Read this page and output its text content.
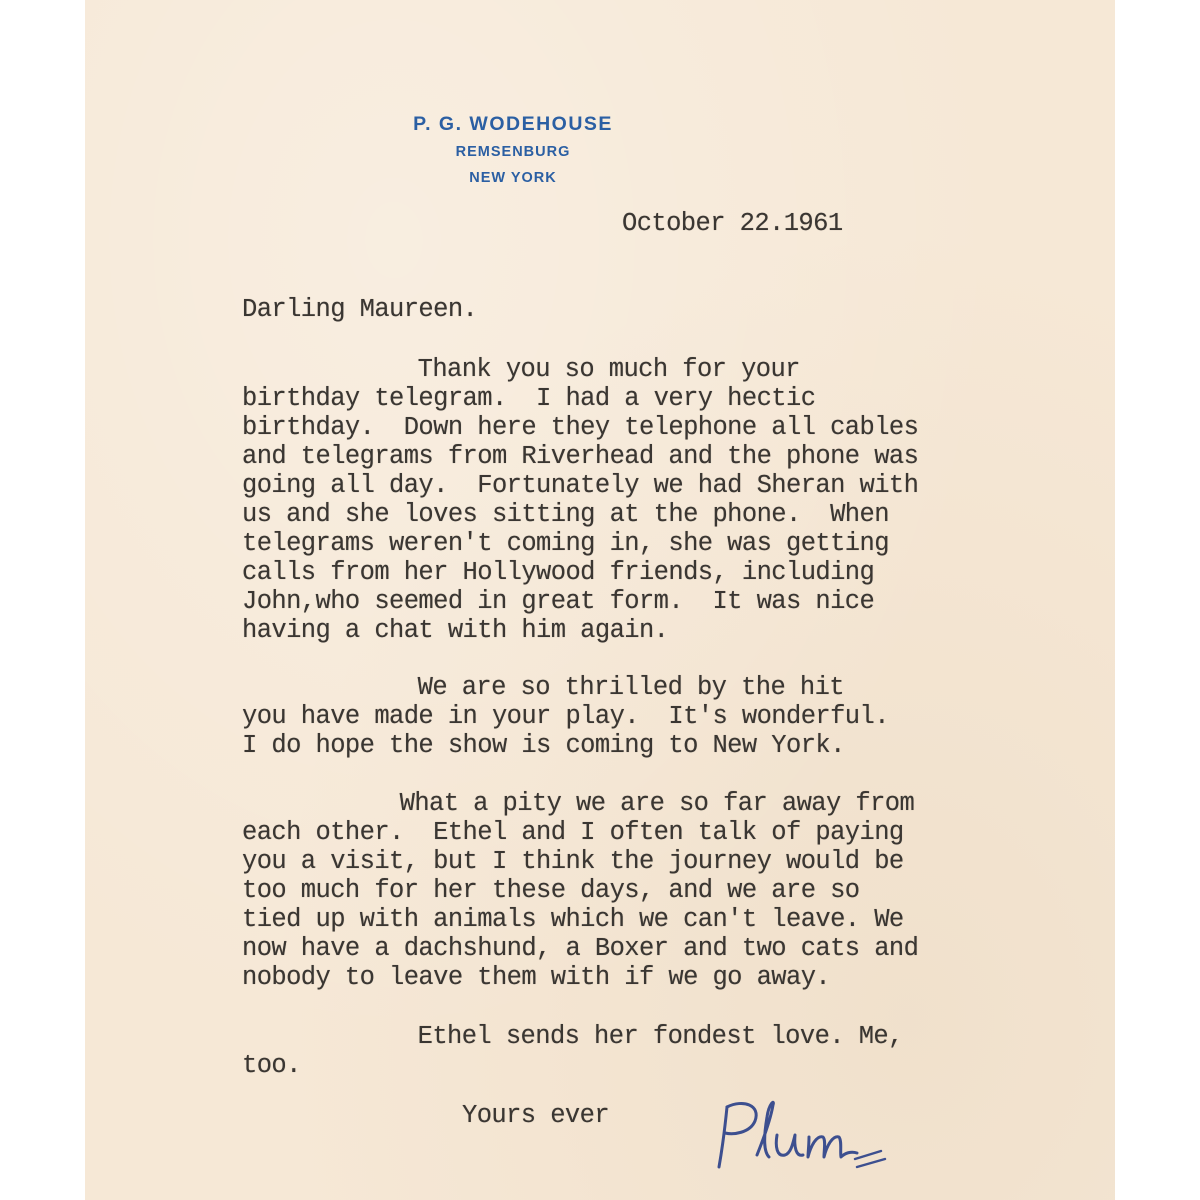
P. G. WODEHOUSE
REMSENBURG
NEW YORK
October 22.1961
Darling Maureen.
Thank you so much for your
birthday telegram.  I had a very hectic
birthday.  Down here they telephone all cables
and telegrams from Riverhead and the phone was
going all day.  Fortunately we had Sheran with
us and she loves sitting at the phone.  When
telegrams weren't coming in, she was getting
calls from her Hollywood friends, including
John,who seemed in great form.  It was nice
having a chat with him again.
We are so thrilled by the hit
you have made in your play.  It's wonderful.
I do hope the show is coming to New York.
What a pity we are so far away from
each other.  Ethel and I often talk of paying
you a visit, but I think the journey would be
too much for her these days, and we are so
tied up with animals which we can't leave. We
now have a dachshund, a Boxer and two cats and
nobody to leave them with if we go away.
Ethel sends her fondest love. Me,
too.
Yours ever
